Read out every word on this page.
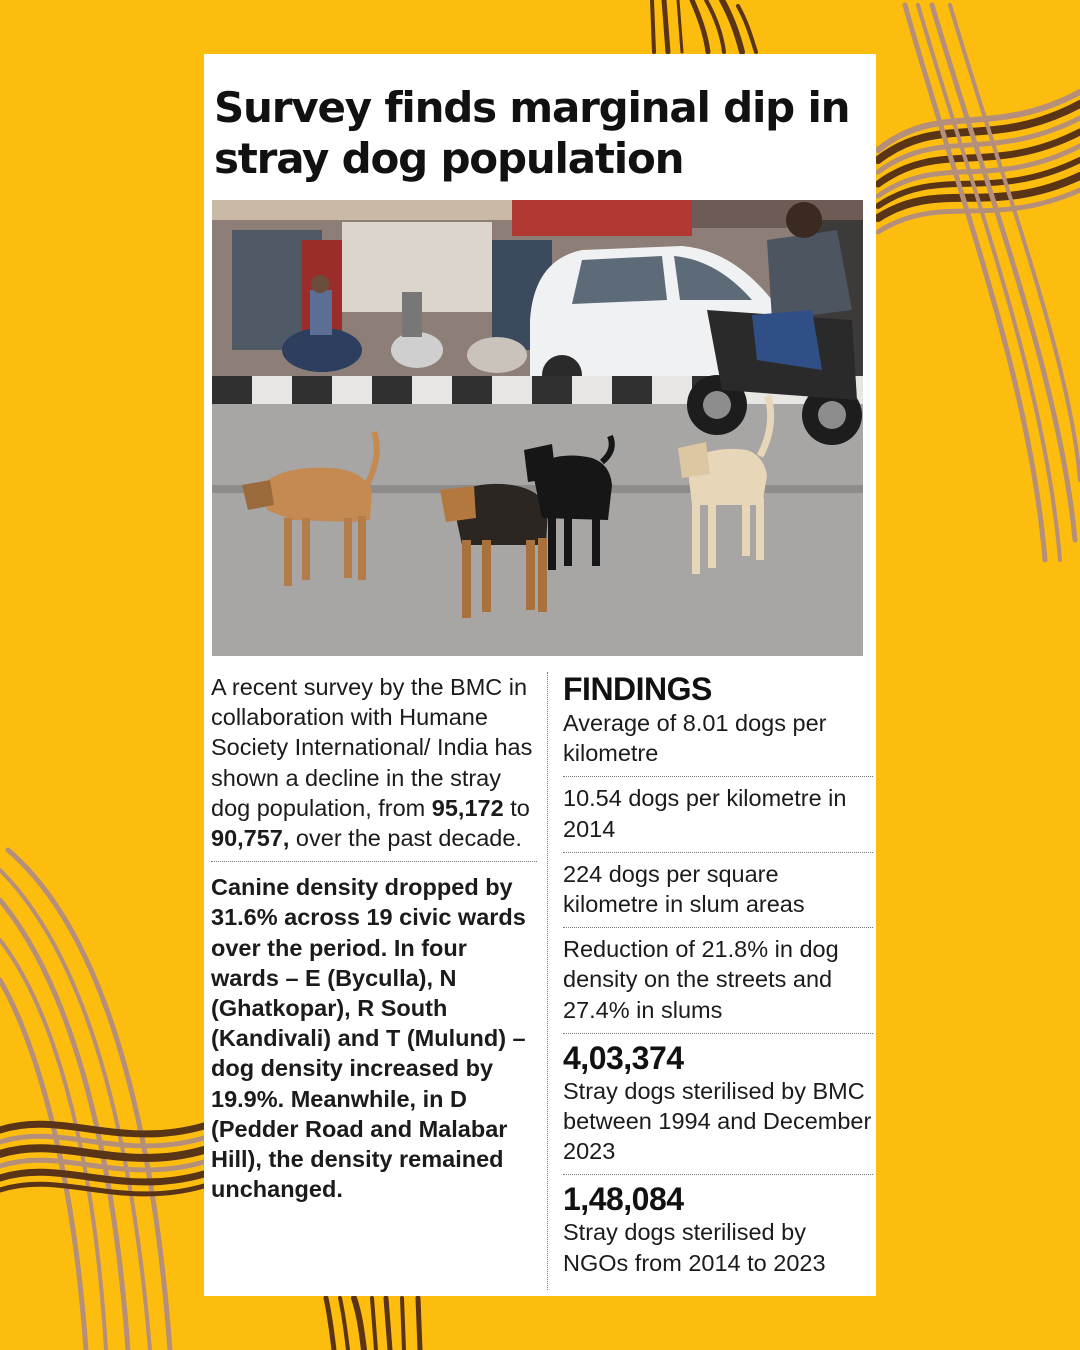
Survey finds marginal dip in stray dog population

A recent survey by the BMC in collaboration with Humane Society International/ India has shown a decline in the stray dog population, from 95,172 to 90,757, over the past decade.

Canine density dropped by 31.6% across 19 civic wards over the period. In four wards – E (Byculla), N (Ghatkopar), R South (Kandivali) and T (Mulund) – dog density increased by 19.9%. Meanwhile, in D (Pedder Road and Malabar Hill), the density remained unchanged.

FINDINGS
Average of 8.01 dogs per kilometre
10.54 dogs per kilometre in 2014
224 dogs per square kilometre in slum areas
Reduction of 21.8% in dog density on the streets and 27.4% in slums
4,03,374
Stray dogs sterilised by BMC between 1994 and December 2023
1,48,084
Stray dogs sterilised by NGOs from 2014 to 2023
